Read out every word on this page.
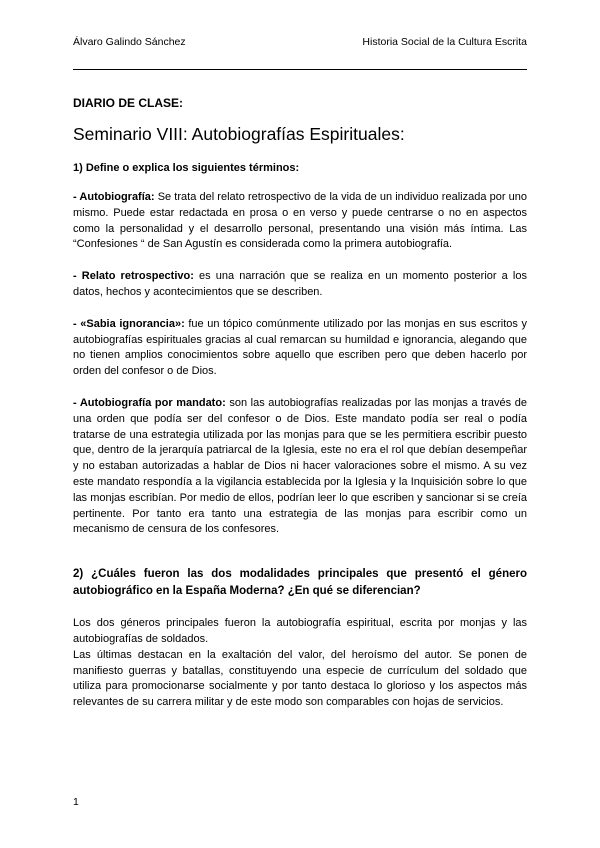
Álvaro Galindo Sánchez	Historia Social de la Cultura Escrita

DIARIO DE CLASE:

Seminario VIII: Autobiografías Espirituales:

1) Define o explica los siguientes términos:

- Autobiografía: Se trata del relato retrospectivo de la vida de un individuo realizada por uno mismo. Puede estar redactada en prosa o en verso y puede centrarse o no en aspectos como la personalidad y el desarrollo personal, presentando una visión más íntima. Las “Confesiones “ de San Agustín es considerada como la primera autobiografía.

- Relato retrospectivo: es una narración que se realiza en un momento posterior a los datos, hechos y acontecimientos que se describen.

- «Sabia ignorancia»: fue un tópico comúnmente utilizado por las monjas en sus escritos y autobiografías espirituales gracias al cual remarcan su humildad e ignorancia, alegando que no tienen amplios conocimientos sobre aquello que escriben pero que deben hacerlo por orden del confesor o de Dios.

- Autobiografía por mandato: son las autobiografías realizadas por las monjas a través de una orden que podía ser del confesor o de Dios. Este mandato podía ser real o podía tratarse de una estrategia utilizada por las monjas para que se les permitiera escribir puesto que, dentro de la jerarquía patriarcal de la Iglesia, este no era el rol que debían desempeñar y no estaban autorizadas a hablar de Dios ni hacer valoraciones sobre el mismo. A su vez este mandato respondía a la vigilancia establecida por la Iglesia y la Inquisición sobre lo que las monjas escribían. Por medio de ellos, podrían leer lo que escriben y sancionar si se creía pertinente. Por tanto era tanto una estrategia de las monjas para escribir como un mecanismo de censura de los confesores.

2) ¿Cuáles fueron las dos modalidades principales que presentó el género autobiográfico en la España Moderna? ¿En qué se diferencian?

Los dos géneros principales fueron la autobiografía espiritual, escrita por monjas y las autobiografías de soldados.

Las últimas destacan en la exaltación del valor, del heroísmo del autor. Se ponen de manifiesto guerras y batallas, constituyendo una especie de currículum del soldado que utiliza para promocionarse socialmente y por tanto destaca lo glorioso y los aspectos más relevantes de su carrera militar y de este modo son comparables con hojas de servicios.

1
